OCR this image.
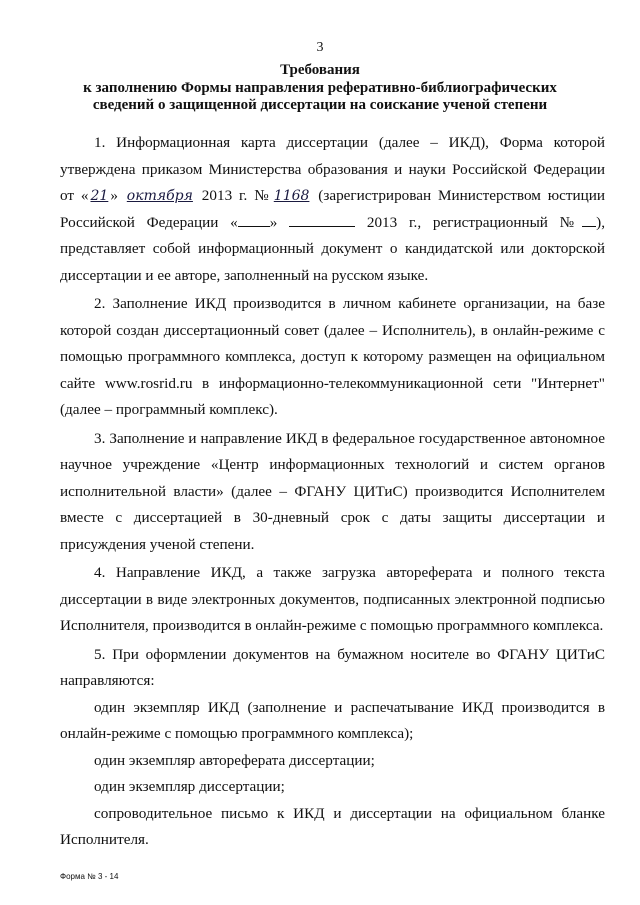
3
Требования
к заполнению Формы направления реферативно-библиографических
сведений о защищенной диссертации на соискание ученой степени

1. Информационная карта диссертации (далее – ИКД), Форма которой утверждена приказом Министерства образования и науки Российской Федерации от « 21 » октября 2013 г. № 1168 (зарегистрирован Министерством юстиции Российской Федерации « »	2013 г., регистрационный № ), представляет собой информационный документ о кандидатской или докторской диссертации и ее авторе, заполненный на русском языке.

2. Заполнение ИКД производится в личном кабинете организации, на базе которой создан диссертационный совет (далее – Исполнитель), в онлайн-режиме с помощью программного комплекса, доступ к которому размещен на официальном сайте www.rosrid.ru в информационно-телекоммуникационной сети "Интернет" (далее – программный комплекс).

3. Заполнение и направление ИКД в федеральное государственное автономное научное учреждение «Центр информационных технологий и систем органов исполнительной власти» (далее – ФГАНУ ЦИТиС) производится Исполнителем вместе с диссертацией в 30-дневный срок с даты защиты диссертации и присуждения ученой степени.

4. Направление ИКД, а также загрузка автореферата и полного текста диссертации в виде электронных документов, подписанных электронной подписью Исполнителя, производится в онлайн-режиме с помощью программного комплекса.

5. При оформлении документов на бумажном носителе во ФГАНУ ЦИТиС направляются:

один экземпляр ИКД (заполнение и распечатывание ИКД производится в онлайн-режиме с помощью программного комплекса);

один экземпляр автореферата диссертации;

один экземпляр диссертации;

сопроводительное письмо к ИКД и диссертации на официальном бланке Исполнителя.

Форма № 3 - 14
